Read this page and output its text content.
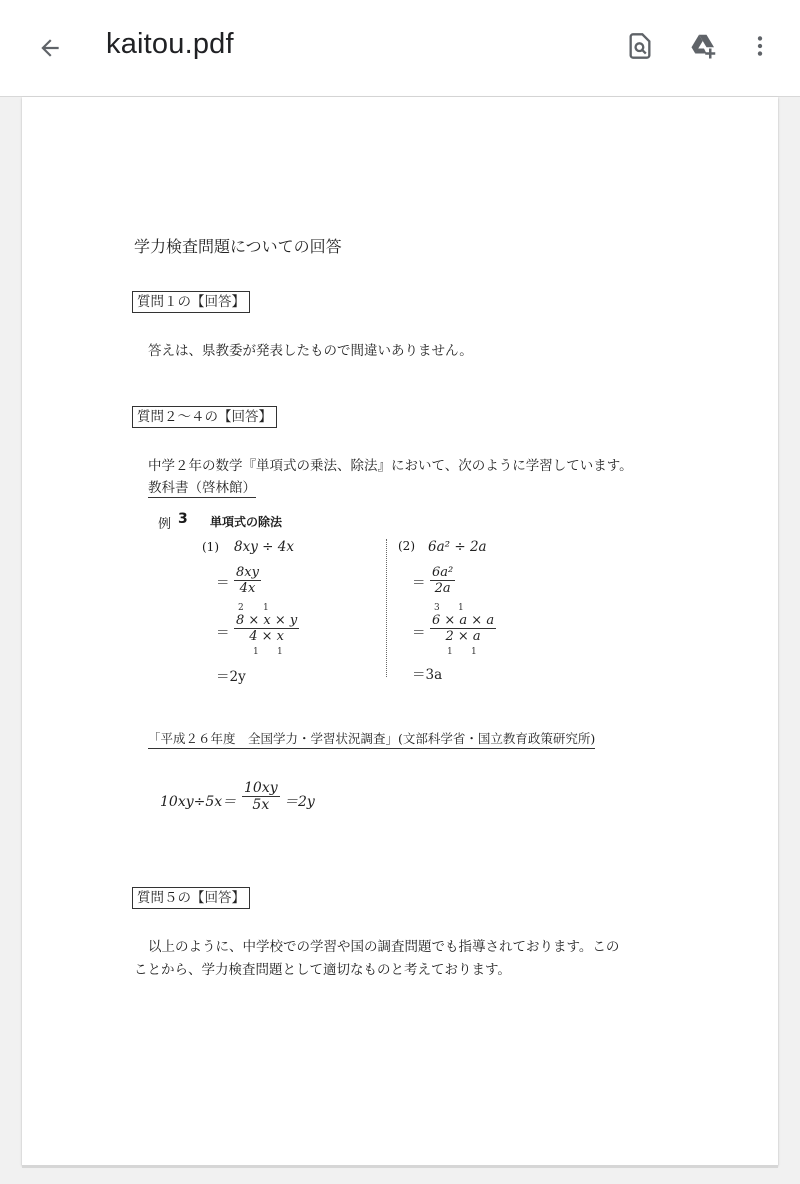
kaitou.pdf
学力検査問題についての回答
質問１の【回答】
答えは、県教委が発表したもので間違いありません。
質問２～４の【回答】
中学２年の数学『単項式の乗法、除法』において、次のように学習しています。
教科書（啓林館）
例 3 単項式の除法
(1) 8xy ÷ 4x
＝ $\frac{8xy}{4x}$
2 1
＝ $\frac{8 \times x \times y}{4 \times x}$
1 1
＝2y
(2) 6a² ÷ 2a
＝ $\frac{\text{6a²}}{2a}$
3 1
＝ $\frac{6 \times a \times a}{2 \times a}$
1 1
＝3a
「平成２６年度　全国学力・学習状況調査」(文部科学省・国立教育政策研究所)
$10xy\div 5x= \frac{10xy}{5x} =2y$
質問５の【回答】
以上のように、中学校での学習や国の調査問題でも指導されております。この
ことから、学力検査問題として適切なものと考えております。
